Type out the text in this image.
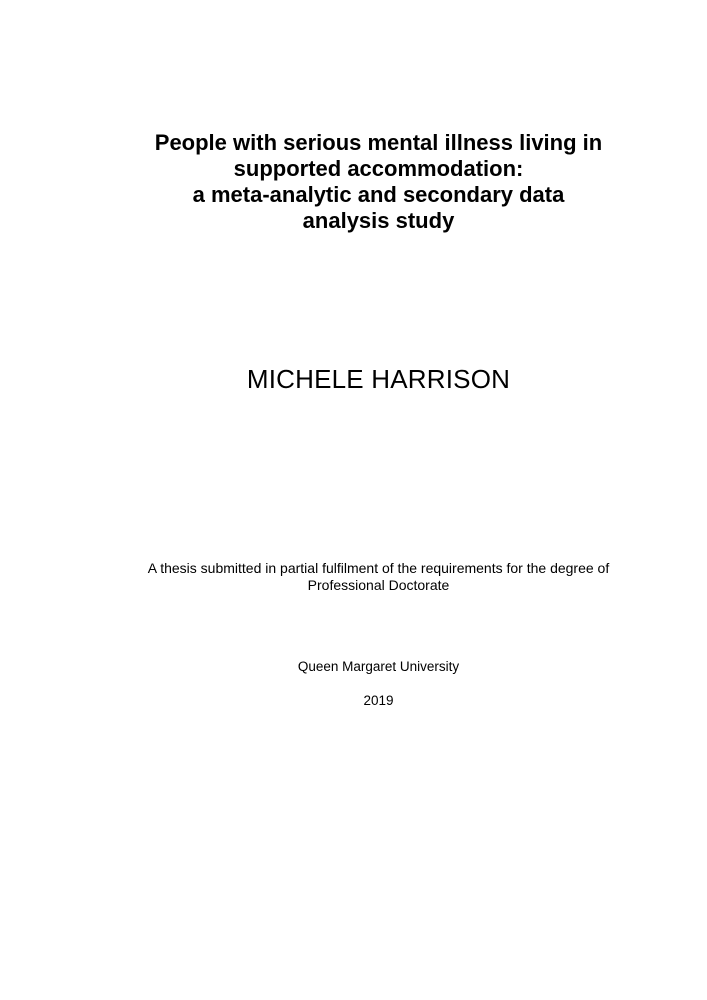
People with serious mental illness living in
supported accommodation:
a meta-analytic and secondary data
analysis study
MICHELE HARRISON
A thesis submitted in partial fulfilment of the requirements for the degree of
Professional Doctorate
Queen Margaret University
2019
